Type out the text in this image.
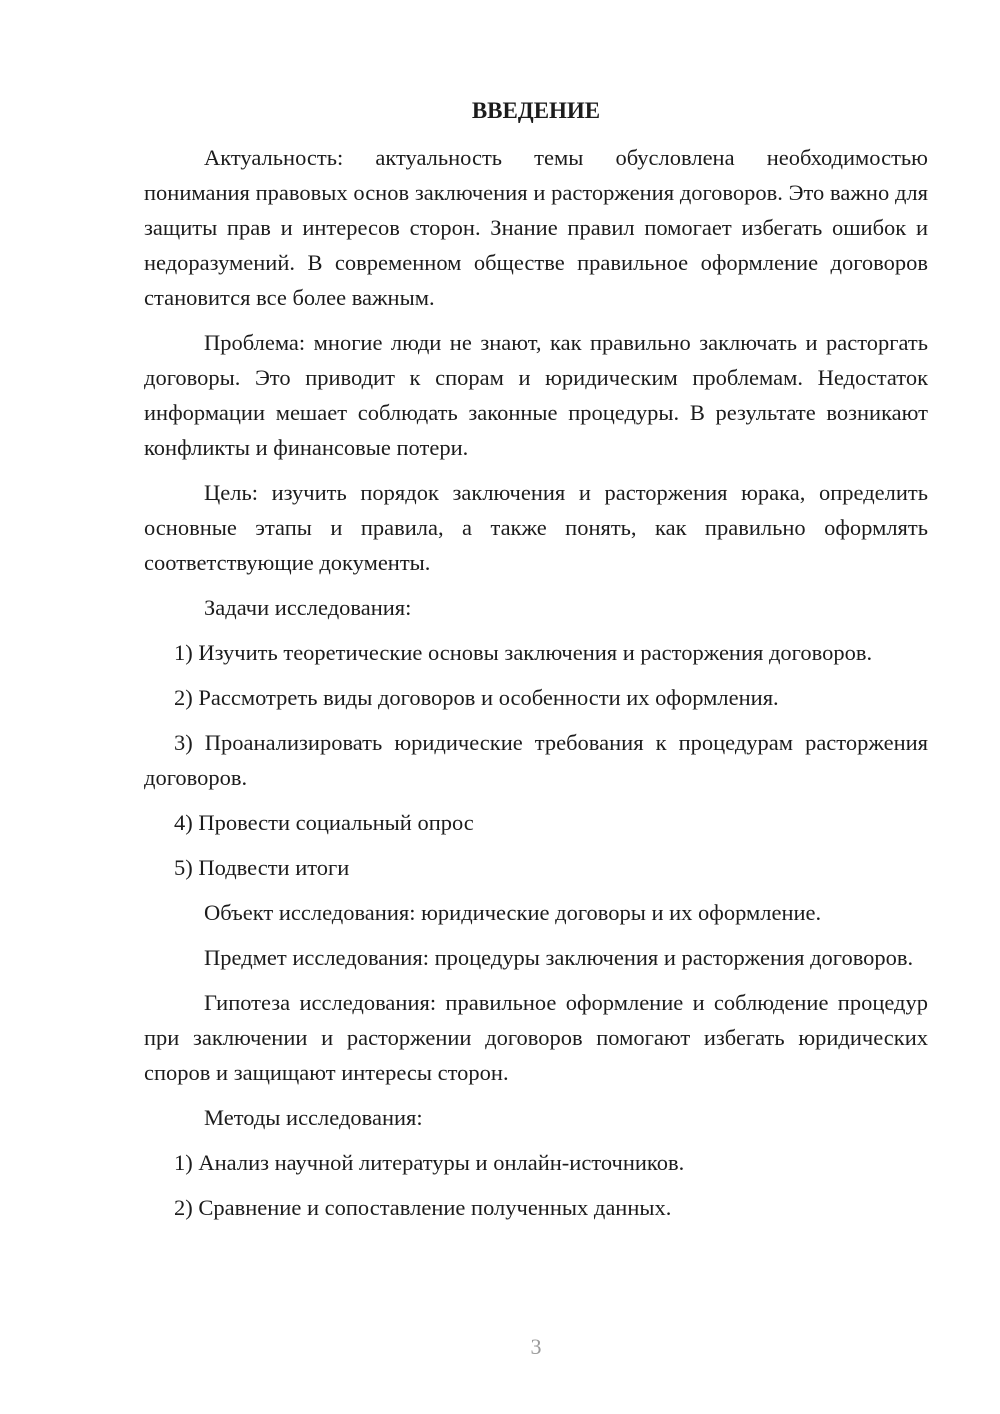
ВВЕДЕНИЕ

Актуальность: актуальность темы обусловлена необходимостью понимания правовых основ заключения и расторжения договоров. Это важно для защиты прав и интересов сторон. Знание правил помогает избегать ошибок и недоразумений. В современном обществе правильное оформление договоров становится все более важным.

Проблема: многие люди не знают, как правильно заключать и расторгать договоры. Это приводит к спорам и юридическим проблемам. Недостаток информации мешает соблюдать законные процедуры. В результате возникают конфликты и финансовые потери.

Цель: изучить порядок заключения и расторжения юрака, определить основные этапы и правила, а также понять, как правильно оформлять соответствующие документы.

Задачи исследования:

1) Изучить теоретические основы заключения и расторжения договоров.

2) Рассмотреть виды договоров и особенности их оформления.

3) Проанализировать юридические требования к процедурам расторжения договоров.

4) Провести социальный опрос

5) Подвести итоги

Объект исследования: юридические договоры и их оформление.

Предмет исследования: процедуры заключения и расторжения договоров.

Гипотеза исследования: правильное оформление и соблюдение процедур при заключении и расторжении договоров помогают избегать юридических споров и защищают интересы сторон.

Методы исследования:

1) Анализ научной литературы и онлайн-источников.

2) Сравнение и сопоставление полученных данных.

3
